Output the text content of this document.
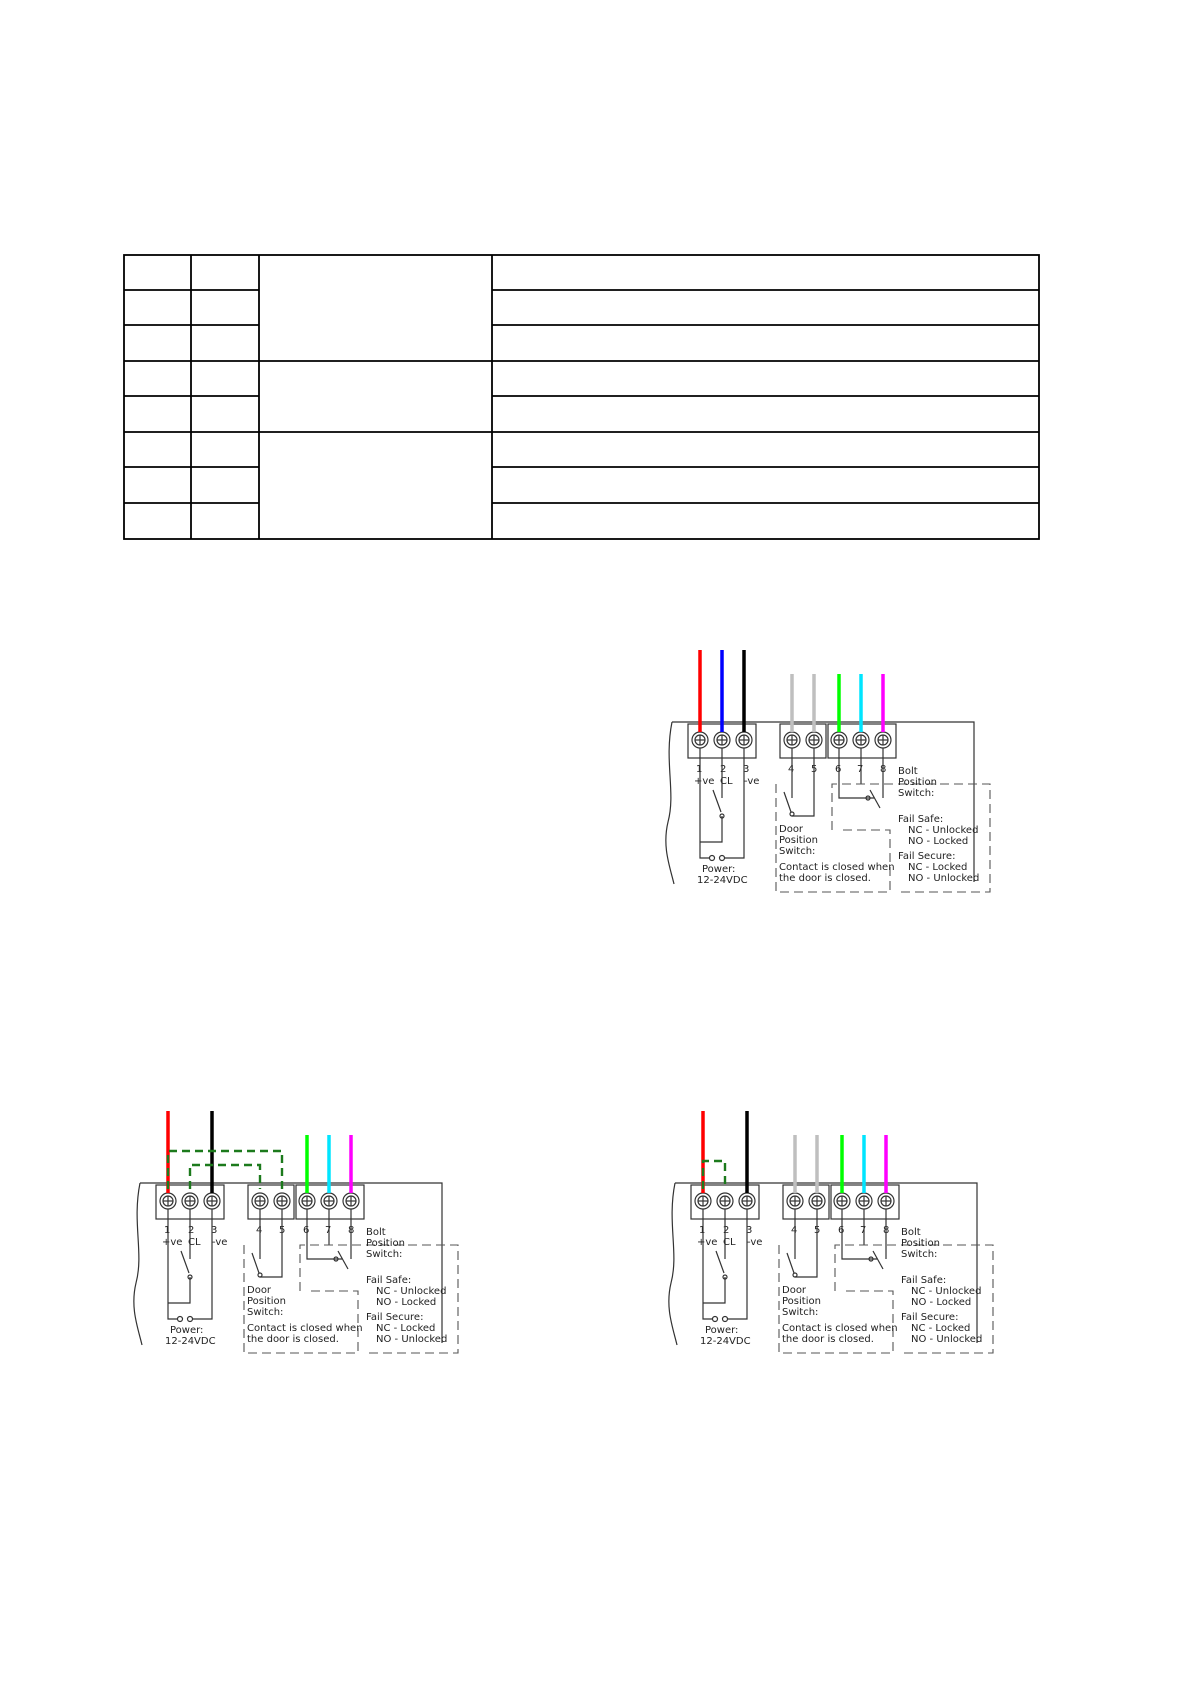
1 2 3	4 5 6 7 8
+ve CL -ve
Power:
12-24VDC
Door
Position
Switch:
Contact is closed when
the door is closed.
Bolt
Position
Switch:
Fail Safe:
NC - Unlocked
NO - Locked
Fail Secure:
NC - Locked
NO - Unlocked
1 2 3	4 5 6 7 8
+ve CL -ve
Power:
12-24VDC
Door
Position
Switch:
Contact is closed when
the door is closed.
Bolt
Position
Switch:
Fail Safe:
NC - Unlocked
NO - Locked
Fail Secure:
NC - Locked
NO - Unlocked
1 2 3	4 5 6 7 8
+ve CL -ve
Power:
12-24VDC
Door
Position
Switch:
Contact is closed when
the door is closed.
Bolt
Position
Switch:
Fail Safe:
NC - Unlocked
NO - Locked
Fail Secure:
NC - Locked
NO - Unlocked
